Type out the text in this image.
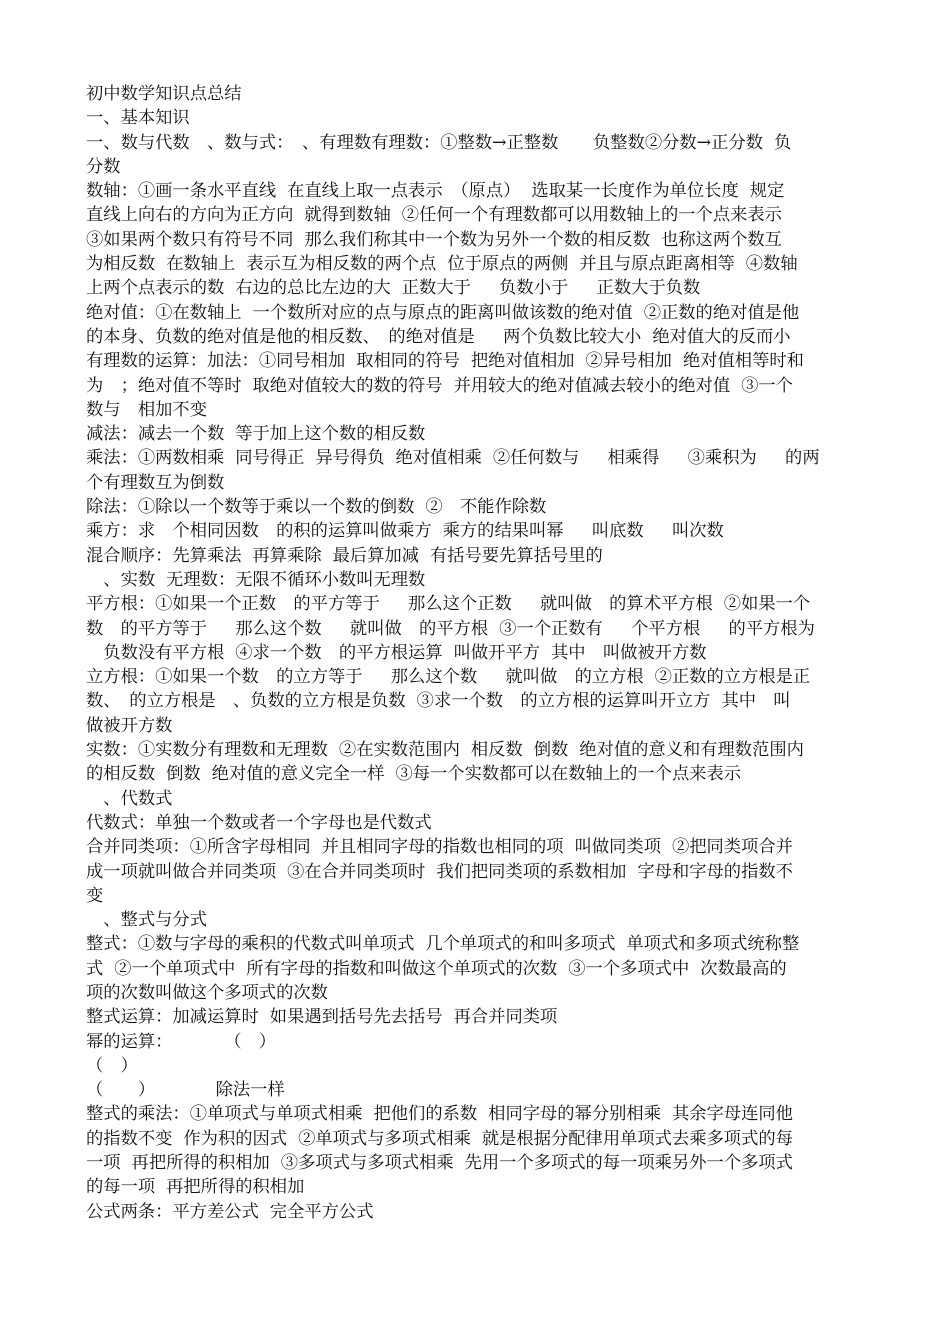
初中数学知识点总结
一、基本知识
一、数与代数　、数与式：　、有理数有理数：①整数→正整数　　负整数②分数→正分数  负
分数
数轴：①画一条水平直线  在直线上取一点表示　（原点）  选取某一长度作为单位长度  规定
直线上向右的方向为正方向  就得到数轴  ②任何一个有理数都可以用数轴上的一个点来表示
③如果两个数只有符号不同  那么我们称其中一个数为另外一个数的相反数  也称这两个数互
为相反数  在数轴上  表示互为相反数的两个点  位于原点的两侧  并且与原点距离相等  ④数轴
上两个点表示的数  右边的总比左边的大  正数大于　  负数小于　  正数大于负数
绝对值：①在数轴上  一个数所对应的点与原点的距离叫做该数的绝对值  ②正数的绝对值是他
的本身、负数的绝对值是他的相反数、　的绝对值是　  两个负数比较大小  绝对值大的反而小
有理数的运算：加法：①同号相加  取相同的符号  把绝对值相加  ②异号相加  绝对值相等时和
为　；绝对值不等时  取绝对值较大的数的符号  并用较大的绝对值减去较小的绝对值  ③一个
数与　相加不变
减法：减去一个数  等于加上这个数的相反数
乘法：①两数相乘  同号得正  异号得负  绝对值相乘  ②任何数与　  相乘得　  ③乘积为　  的两
个有理数互为倒数
除法：①除以一个数等于乘以一个数的倒数  ②　不能作除数
乘方：求　个相同因数　的积的运算叫做乘方  乘方的结果叫幂　  叫底数　  叫次数
混合顺序：先算乘法  再算乘除  最后算加减  有括号要先算括号里的
　、实数  无理数：无限不循环小数叫无理数
平方根：①如果一个正数　的平方等于　  那么这个正数　  就叫做　的算术平方根  ②如果一个
数　的平方等于　  那么这个数　  就叫做　的平方根  ③一个正数有　  个平方根　  的平方根为
　负数没有平方根  ④求一个数　的平方根运算  叫做开平方  其中　叫做被开方数
立方根：①如果一个数　的立方等于　  那么这个数　  就叫做　的立方根  ②正数的立方根是正
数、　的立方根是　、负数的立方根是负数  ③求一个数　的立方根的运算叫开立方  其中　叫
做被开方数
实数：①实数分有理数和无理数  ②在实数范围内  相反数  倒数  绝对值的意义和有理数范围内
的相反数  倒数  绝对值的意义完全一样  ③每一个实数都可以在数轴上的一个点来表示
　、代数式
代数式：单独一个数或者一个字母也是代数式
合并同类项：①所含字母相同  并且相同字母的指数也相同的项  叫做同类项  ②把同类项合并
成一项就叫做合并同类项  ③在合并同类项时  我们把同类项的系数相加  字母和字母的指数不
变
　、整式与分式
整式：①数与字母的乘积的代数式叫单项式  几个单项式的和叫多项式  单项式和多项式统称整
式  ②一个单项式中  所有字母的指数和叫做这个单项式的次数  ③一个多项式中  次数最高的
项的次数叫做这个多项式的次数
整式运算：加减运算时  如果遇到括号先去括号  再合并同类项
幂的运算：　　　　（　）
（　）
（　　）　　　　除法一样
整式的乘法：①单项式与单项式相乘  把他们的系数  相同字母的幂分别相乘  其余字母连同他
的指数不变  作为积的因式  ②单项式与多项式相乘  就是根据分配律用单项式去乘多项式的每
一项  再把所得的积相加  ③多项式与多项式相乘  先用一个多项式的每一项乘另外一个多项式
的每一项  再把所得的积相加
公式两条：平方差公式  完全平方公式
